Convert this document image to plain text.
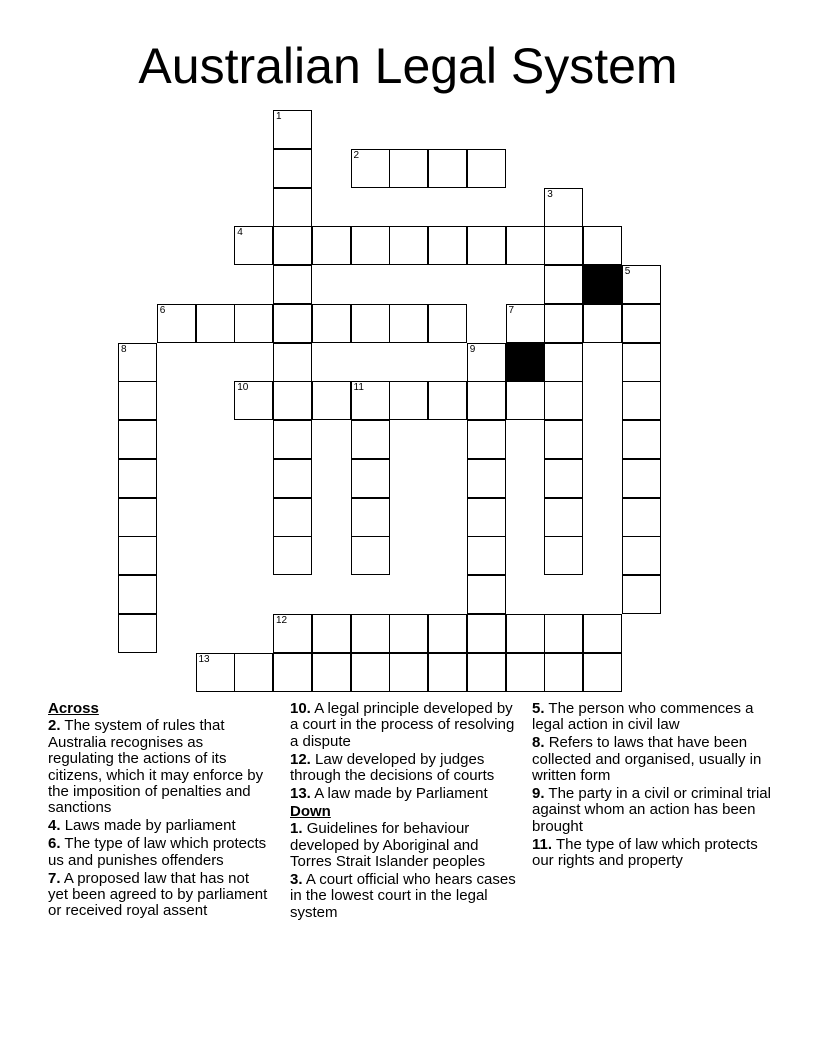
Australian Legal System
1
4
5
6	7
8	9
10	11
12
13
2
3
Across
2. The system of rules that Australia recognises as regulating the actions of its citizens, which it may enforce by the imposition of penalties and sanctions
4. Laws made by parliament
6. The type of law which protects us and punishes offenders
7. A proposed law that has not yet been agreed to by parliament or received royal assent
10. A legal principle developed by a court in the process of resolving a dispute
12. Law developed by judges through the decisions of courts
13. A law made by Parliament
Down
1. Guidelines for behaviour developed by Aboriginal and Torres Strait Islander peoples
3. A court official who hears cases in the lowest court in the legal system
5. The person who commences a legal action in civil law
8. Refers to laws that have been collected and organised, usually in written form
9. The party in a civil or criminal trial against whom an action has been brought
11. The type of law which protects our rights and property
